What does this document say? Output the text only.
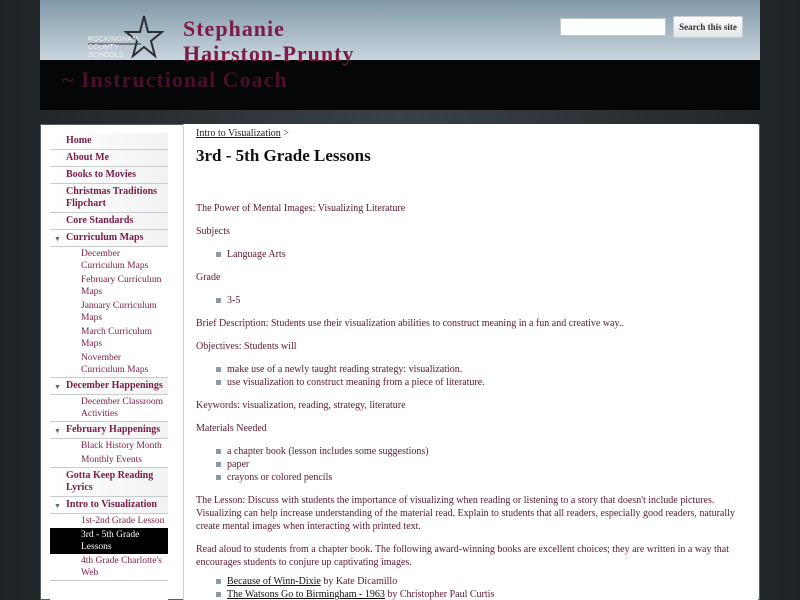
ROCKINGHAM COUNTY SCHOOLS
Stephanie
Hairston-Prunty
~ Instructional Coach
Search this site
Home
About Me
Books to Movies
Christmas Traditions Flipchart
Core Standards
▼ Curriculum Maps
December Curriculum Maps
February Curriculum Maps
January Curriculum Maps
March Curriculum Maps
November Curriculum Maps
▼ December Happenings
December Classroom Activities
▼ February Happenings
Black History Month
Monthly Events
Gotta Keep Reading Lyrics
▼ Intro to Visualization
1st-2nd Grade Lesson
3rd - 5th Grade Lessons
4th Grade Charlotte's Web
Intro to Visualization >
3rd - 5th Grade Lessons

The Power of Mental Images: Visualizing Literature

Subjects

Language Arts

Grade

3-5

Brief Description: Students use their visualization abilities to construct meaning in a fun and creative way..

Objectives: Students will

make use of a newly taught reading strategy: visualization.
use visualization to construct meaning from a piece of literature.

Keywords: visualization, reading, strategy, literature

Materials Needed

a chapter book (lesson includes some suggestions)
paper
crayons or colored pencils

The Lesson: Discuss with students the importance of visualizing when reading or listening to a story that doesn't include pictures. Visualizing can help increase understanding of the material read. Explain to students that all readers, especially good readers, naturally create mental images when interacting with printed text.

Read aloud to students from a chapter book. The following award-winning books are excellent choices; they are written in a way that encourages students to conjure up captivating images.

Because of Winn-Dixie by Kate Dicamillo
The Watsons Go to Birmingham - 1963 by Christopher Paul Curtis
